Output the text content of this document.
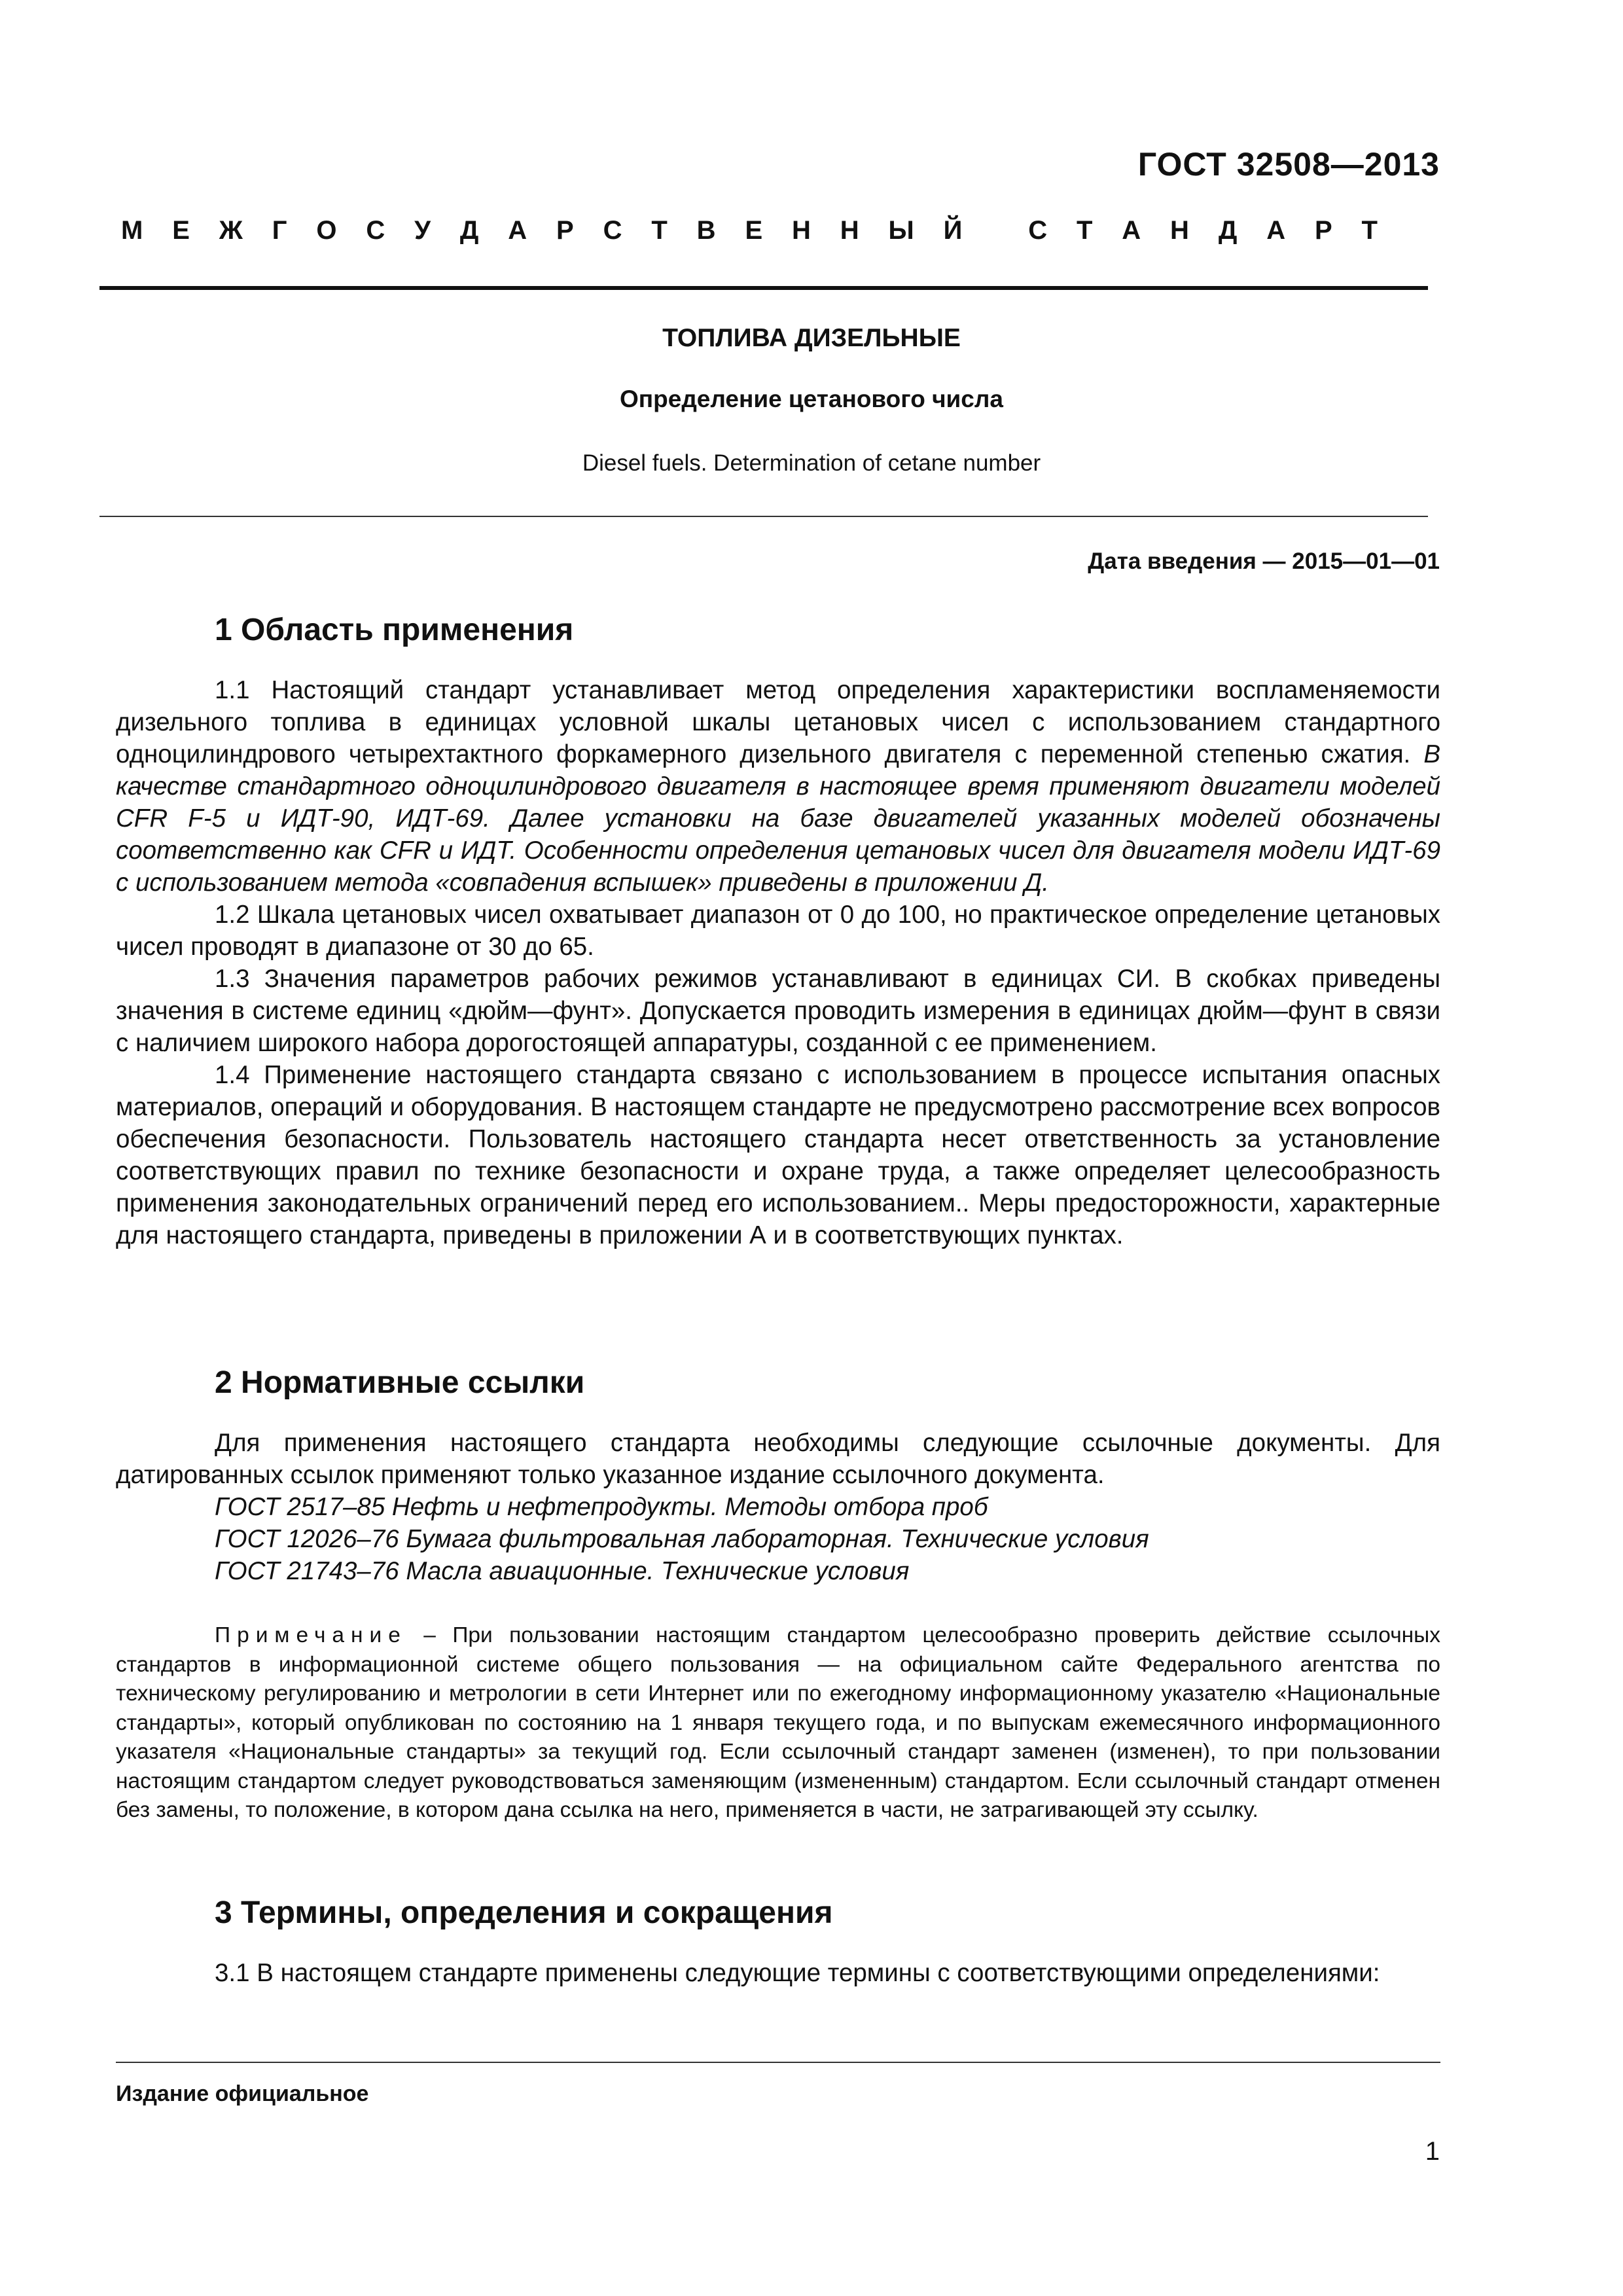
ГОСТ 32508—2013
М Е Ж Г О С У Д А Р С Т В Е Н Н Ы Й
	С Т А Н Д А Р Т
ТОПЛИВА ДИЗЕЛЬНЫЕ
Определение цетанового числа
Diesel fuels. Determination of cetane number
Дата введения — 2015—01—01
1 Область применения

1.1 Настоящий стандарт устанавливает метод определения характеристики воспламеняемости дизельного топлива в единицах условной шкалы цетановых чисел с использованием стандартного одноцилиндрового четырехтактного форкамерного дизельного двигателя с переменной степенью сжатия. В качестве стандартного одноцилиндрового двигателя в настоящее время применяют двигатели моделей CFR F-5 и ИДТ-90, ИДТ-69. Далее установки на базе двигателей указанных моделей обозначены соответственно как CFR и ИДТ. Особенности определения цетановых чисел для двигателя модели ИДТ-69 с использованием метода «совпадения вспышек» приведены в приложении Д.

1.2 Шкала цетановых чисел охватывает диапазон от 0 до 100, но практическое определение цетановых чисел проводят в диапазоне от 30 до 65.

1.3 Значения параметров рабочих режимов устанавливают в единицах СИ. В скобках приведены значения в системе единиц «дюйм—фунт». Допускается проводить измерения в единицах дюйм—фунт в связи с наличием широкого набора дорогостоящей аппаратуры, созданной с ее применением.

1.4 Применение настоящего стандарта связано с использованием в процессе испытания опасных материалов, операций и оборудования. В настоящем стандарте не предусмотрено рассмотрение всех вопросов обеспечения безопасности. Пользователь настоящего стандарта несет ответственность за установление соответствующих правил по технике безопасности и охране труда, а также определяет целесообразность применения законодательных ограничений перед его использованием.. Меры предосторожности, характерные для настоящего стандарта, приведены в приложении А и в соответствующих пунктах.

2 Нормативные ссылки

Для применения настоящего стандарта необходимы следующие ссылочные документы. Для датированных ссылок применяют только указанное издание ссылочного документа.

ГОСТ 2517–85 Нефть и нефтепродукты. Методы отбора проб

ГОСТ 12026–76 Бумага фильтровальная лабораторная. Технические условия

ГОСТ 21743–76 Масла авиационные. Технические условия

Примечание – При пользовании настоящим стандартом целесообразно проверить действие ссылочных стандартов в информационной системе общего пользования — на официальном сайте Федерального агентства по техническому регулированию и метрологии в сети Интернет или по ежегодному информационному указателю «Национальные стандарты», который опубликован по состоянию на 1 января текущего года, и по выпускам ежемесячного информационного указателя «Национальные стандарты» за текущий год. Если ссылочный стандарт заменен (изменен), то при пользовании настоящим стандартом следует руководствоваться заменяющим (измененным) стандартом. Если ссылочный стандарт отменен без замены, то положение, в котором дана ссылка на него, применяется в части, не затрагивающей эту ссылку.
3 Термины, определения и сокращения

3.1 В настоящем стандарте применены следующие термины с соответствующими определениями:

Издание официальное
1
